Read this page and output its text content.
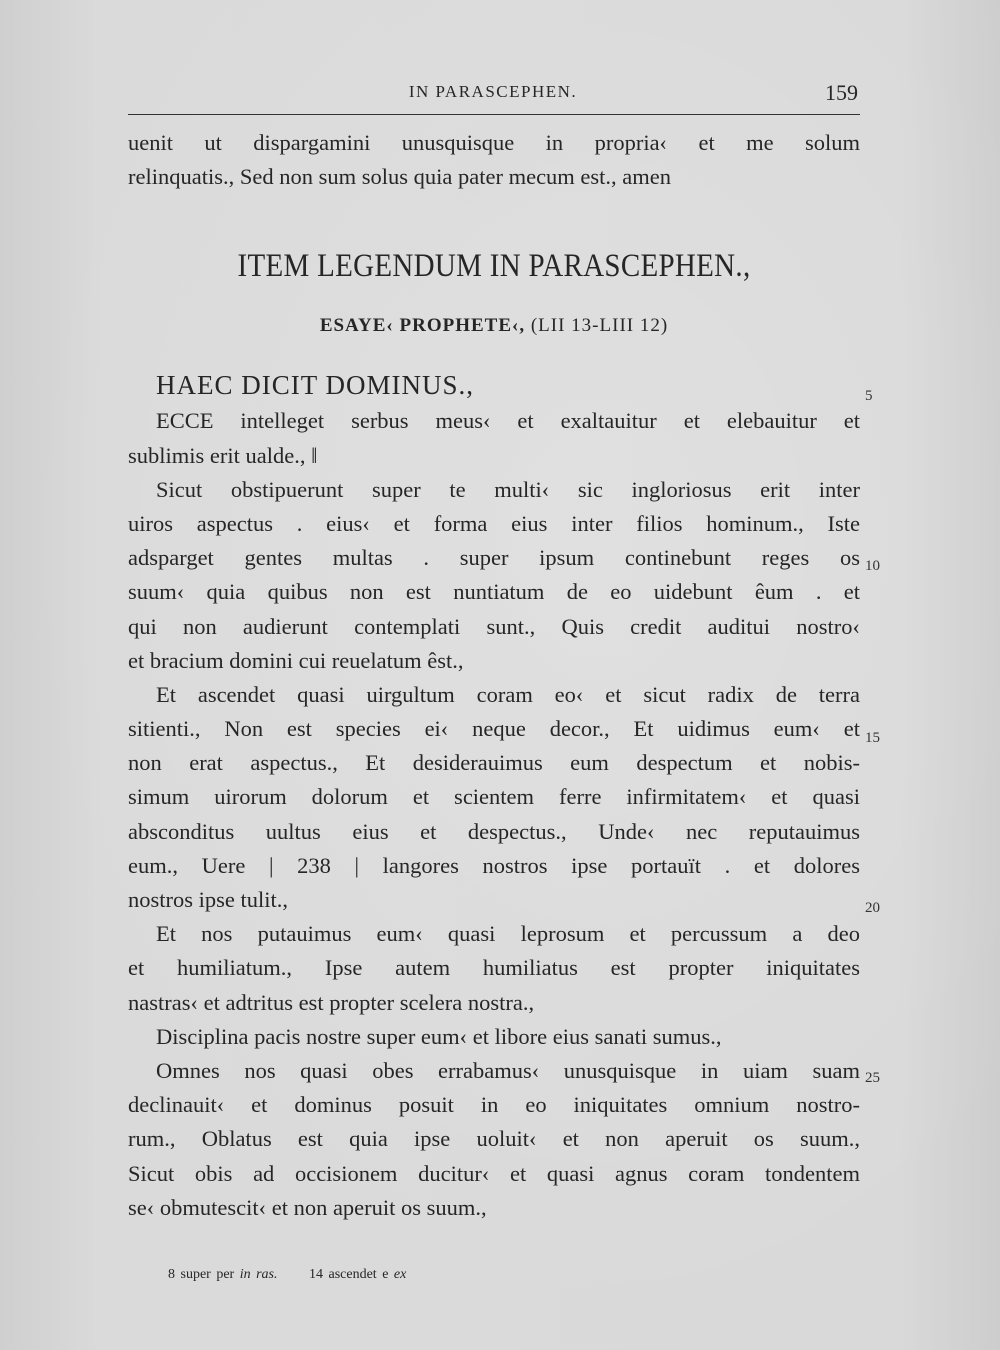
IN PARASCEPHEN.	159
uenit ut dispargamini unusquisque in propria‹ et me solum
relinquatis., Sed non sum solus quia pater mecum est., amen
ITEM LEGENDUM IN PARASCEPHEN.,
ESAYE‹ PROPHETE‹, (LII 13-LIII 12)
HAEC DICIT DOMINUS.,
ECCE intelleget serbus meus‹ et exaltauitur et elebauitur et
sublimis erit ualde., ‖
Sicut obstipuerunt super te multi‹ sic ingloriosus erit inter
uiros aspectus . eius‹ et forma eius inter filios hominum., Iste
adsparget gentes multas . super ipsum continebunt reges os
suum‹ quia quibus non est nuntiatum de eo uidebunt êum . et
qui non audierunt contemplati sunt., Quis credit auditui nostro‹
et bracium domini cui reuelatum êst.,
Et ascendet quasi uirgultum coram eo‹ et sicut radix de terra
sitienti., Non est species ei‹ neque decor., Et uidimus eum‹ et
non erat aspectus., Et desiderauimus eum despectum et nobis-
simum uirorum dolorum et scientem ferre infirmitatem‹ et quasi
absconditus uultus eius et despectus., Unde‹ nec reputauimus
eum., Uere | 238 | langores nostros ipse portauït . et dolores
nostros ipse tulit.,
Et nos putauimus eum‹ quasi leprosum et percussum a deo
et humiliatum., Ipse autem humiliatus est propter iniquitates
nastras‹ et adtritus est propter scelera nostra.,
Disciplina pacis nostre super eum‹ et libore eius sanati sumus.,
Omnes nos quasi obes errabamus‹ unusquisque in uiam suam
declinauit‹ et dominus posuit in eo iniquitates omnium nostro-
rum., Oblatus est quia ipse uoluit‹ et non aperuit os suum.,
Sicut obis ad occisionem ducitur‹ et quasi agnus coram tondentem
se‹ obmutescit‹ et non aperuit os suum.,
5
10
15
20
25
8 super per in ras. 14 ascendet e ex
